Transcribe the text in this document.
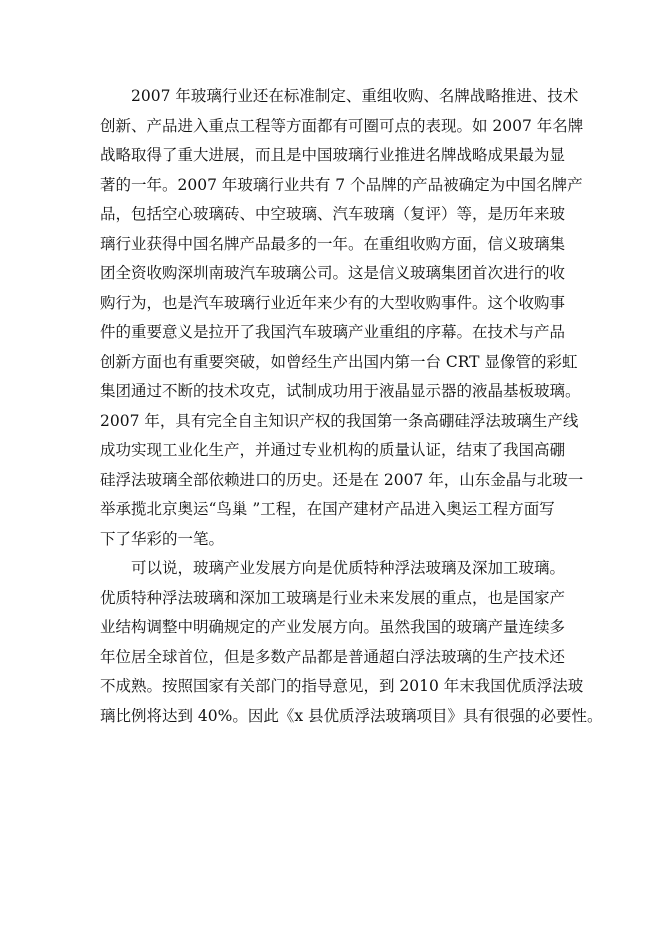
2007 年玻璃行业还在标准制定、重组收购、名牌战略推进、技术
创新、产品进入重点工程等方面都有可圈可点的表现。如 2007 年名牌
战略取得了重大进展，而且是中国玻璃行业推进名牌战略成果最为显
著的一年。2007 年玻璃行业共有 7 个品牌的产品被确定为中国名牌产
品，包括空心玻璃砖、中空玻璃、汽车玻璃（复评）等，是历年来玻
璃行业获得中国名牌产品最多的一年。在重组收购方面，信义玻璃集
团全资收购深圳南玻汽车玻璃公司。这是信义玻璃集团首次进行的收
购行为，也是汽车玻璃行业近年来少有的大型收购事件。这个收购事
件的重要意义是拉开了我国汽车玻璃产业重组的序幕。在技术与产品
创新方面也有重要突破，如曾经生产出国内第一台 CRT 显像管的彩虹
集团通过不断的技术攻克，试制成功用于液晶显示器的液晶基板玻璃。
2007 年，具有完全自主知识产权的我国第一条高硼硅浮法玻璃生产线
成功实现工业化生产，并通过专业机构的质量认证，结束了我国高硼
硅浮法玻璃全部依赖进口的历史。还是在 2007 年，山东金晶与北玻一
举承揽北京奥运“鸟巢 ”工程，在国产建材产品进入奥运工程方面写
下了华彩的一笔。
可以说，玻璃产业发展方向是优质特种浮法玻璃及深加工玻璃。
优质特种浮法玻璃和深加工玻璃是行业未来发展的重点，也是国家产
业结构调整中明确规定的产业发展方向。虽然我国的玻璃产量连续多
年位居全球首位，但是多数产品都是普通超白浮法玻璃的生产技术还
不成熟。按照国家有关部门的指导意见，到 2010 年末我国优质浮法玻
璃比例将达到 40%。因此《x 县优质浮法玻璃项目》具有很强的必要性。
